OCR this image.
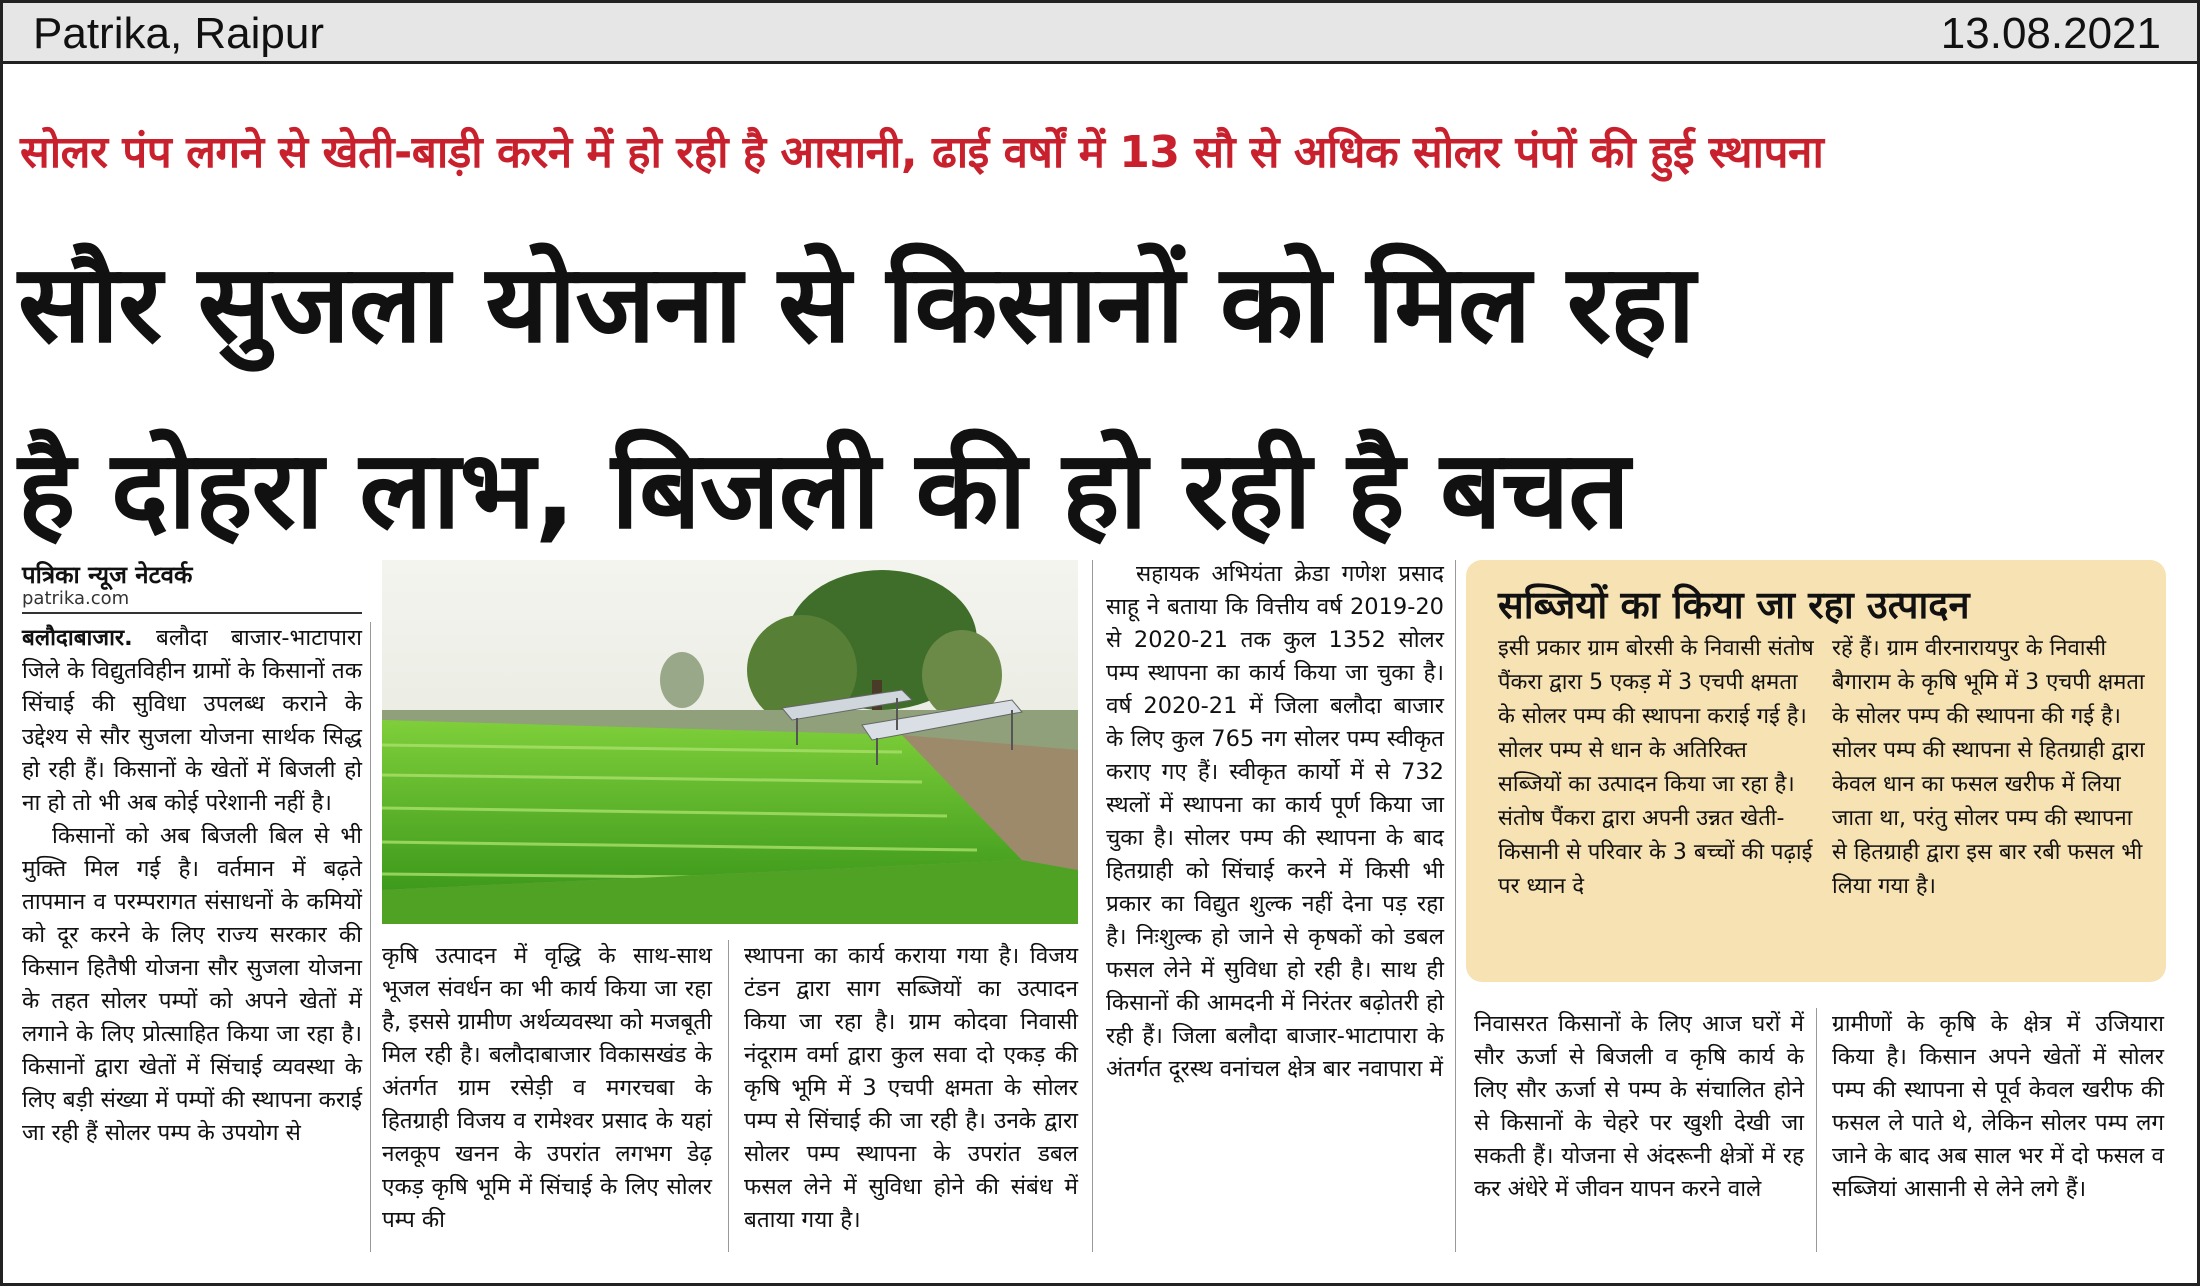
Patrika, Raipur	13.08.2021
सोलर पंप लगने से खेती-बाड़ी करने में हो रही है आसानी, ढाई वर्षों में 13 सौ से अधिक सोलर पंपों की हुई स्थापना
सौर सुजला योजना से किसानों को मिल रहा
है दोहरा लाभ, बिजली की हो रही है बचत
पत्रिका न्यूज नेटवर्क
patrika.com

बलौदाबाजार. बलौदा बाजार-भाटापारा जिले के विद्युतविहीन ग्रामों के किसानों तक सिंचाई की सुविधा उपलब्ध कराने के उद्देश्य से सौर सुजला योजना सार्थक सिद्ध हो रही हैं। किसानों के खेतों में बिजली हो ना हो तो भी अब कोई परेशानी नहीं है।

किसानों को अब बिजली बिल से भी मुक्ति मिल गई है। वर्तमान में बढ़ते तापमान व परम्परागत संसाधनों के कमियों को दूर करने के लिए राज्य सरकार की किसान हितैषी योजना सौर सुजला योजना के तहत सोलर पम्पों को अपने खेतों में लगाने के लिए प्रोत्साहित किया जा रहा है। किसानों द्वारा खेतों में सिंचाई व्यवस्था के लिए बड़ी संख्या में पम्पों की स्थापना कराई जा रही हैं सोलर पम्प के उपयोग से

कृषि उत्पादन में वृद्धि के साथ-साथ भूजल संवर्धन का भी कार्य किया जा रहा है, इससे ग्रामीण अर्थव्यवस्था को मजबूती मिल रही है। बलौदाबाजार विकासखंड के अंतर्गत ग्राम रसेड़ी व मगरचबा के हितग्राही विजय व रामेश्वर प्रसाद के यहां नलकूप खनन के उपरांत लगभग डेढ़ एकड़ कृषि भूमि में सिंचाई के लिए सोलर पम्प की

स्थापना का कार्य कराया गया है। विजय टंडन द्वारा साग सब्जियों का उत्पादन किया जा रहा है। ग्राम कोदवा निवासी नंदूराम वर्मा द्वारा कुल सवा दो एकड़ की कृषि भूमि में 3 एचपी क्षमता के सोलर पम्प से सिंचाई की जा रही है। उनके द्वारा सोलर पम्प स्थापना के उपरांत डबल फसल लेने में सुविधा होने की संबंध में बताया गया है।

सहायक अभियंता क्रेडा गणेश प्रसाद साहू ने बताया कि वित्तीय वर्ष 2019-20 से 2020-21 तक कुल 1352 सोलर पम्प स्थापना का कार्य किया जा चुका है। वर्ष 2020-21 में जिला बलौदा बाजार के लिए कुल 765 नग सोलर पम्प स्वीकृत कराए गए हैं। स्वीकृत कार्यो में से 732 स्थलों में स्थापना का कार्य पूर्ण किया जा चुका है। सोलर पम्प की स्थापना के बाद हितग्राही को सिंचाई करने में किसी भी प्रकार का विद्युत शुल्क नहीं देना पड़ रहा है। निःशुल्क हो जाने से कृषकों को डबल फसल लेने में सुविधा हो रही है। साथ ही किसानों की आमदनी में निरंतर बढ़ोतरी हो रही हैं। जिला बलौदा बाजार-भाटापारा के अंतर्गत दूरस्थ वनांचल क्षेत्र बार नवापारा में

सब्जियों का किया जा रहा उत्पादन

इसी प्रकार ग्राम बोरसी के निवासी संतोष पैंकरा द्वारा 5 एकड़ में 3 एचपी क्षमता के सोलर पम्प की स्थापना कराई गई है। सोलर पम्प से धान के अतिरिक्त सब्जियों का उत्पादन किया जा रहा है। संतोष पैंकरा द्वारा अपनी उन्नत खेती- किसानी से परिवार के 3 बच्चों की पढ़ाई पर ध्यान दे

रहें हैं। ग्राम वीरनारायपुर के निवासी बैगाराम के कृषि भूमि में 3 एचपी क्षमता के सोलर पम्प की स्थापना की गई है। सोलर पम्प की स्थापना से हितग्राही द्वारा केवल धान का फसल खरीफ में लिया जाता था, परंतु सोलर पम्प की स्थापना से हितग्राही द्वारा इस बार रबी फसल भी लिया गया है।

निवासरत किसानों के लिए आज घरों में सौर ऊर्जा से बिजली व कृषि कार्य के लिए सौर ऊर्जा से पम्प के संचालित होने से किसानों के चेहरे पर खुशी देखी जा सकती हैं। योजना से अंदरूनी क्षेत्रों में रह कर अंधेरे में जीवन यापन करने वाले

ग्रामीणों के कृषि के क्षेत्र में उजियारा किया है। किसान अपने खेतों में सोलर पम्प की स्थापना से पूर्व केवल खरीफ की फसल ले पाते थे, लेकिन सोलर पम्प लग जाने के बाद अब साल भर में दो फसल व सब्जियां आसानी से लेने लगे हैं।
